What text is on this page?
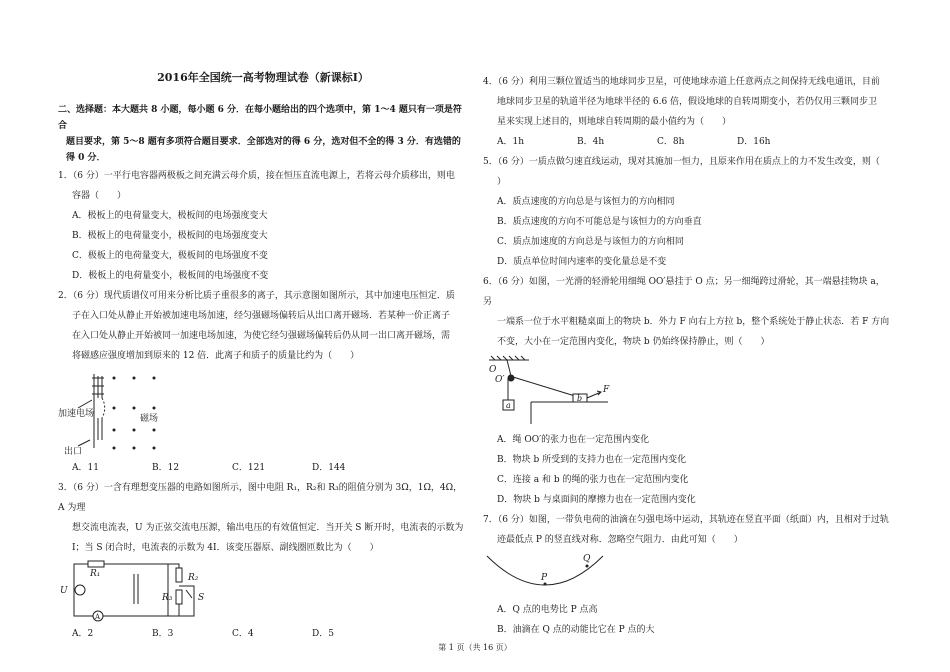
2016年全国统一高考物理试卷（新课标Ⅰ）
二、选择题：本大题共 8 小题，每小题 6 分．在每小题给出的四个选项中，第 1～4 题只有一项是符合
题目要求，第 5～8 题有多项符合题目要求．全部选对的得 6 分，选对但不全的得 3 分．有选错的
得 0 分．
1．（6 分）一平行电容器两极板之间充满云母介质，接在恒压直流电源上，若将云母介质移出，则电
容器（　　）
A．极板上的电荷量变大，极板间的电场强度变大
B．极板上的电荷量变小，极板间的电场强度变大
C．极板上的电荷量变大，极板间的电场强度不变
D．极板上的电荷量变小，极板间的电场强度不变
2．（6 分）现代质谱仪可用来分析比质子重很多的离子，其示意图如图所示，其中加速电压恒定．质
子在入口处从静止开始被加速电场加速，经匀强磁场偏转后从出口离开磁场．若某种一价正离子
在入口处从静止开始被同一加速电场加速，为使它经匀强磁场偏转后仍从同一出口离开磁场，需
将磁感应强度增加到原来的 12 倍．此离子和质子的质量比约为（　　）
加速电场
出口
磁场
A．11	B．12	C．121	D．144
3．（6 分）一含有理想变压器的电路如图所示，图中电阻 R₁，R₂和 R₃的阻值分别为 3Ω，1Ω，4Ω，A 为理
想交流电流表，U 为正弦交流电压源，输出电压的有效值恒定．当开关 S 断开时，电流表的示数为
I；当 S 闭合时，电流表的示数为 4I．该变压器原、副线圈匝数比为（　　）
R₁	R₂
R₃
U
A
S
A．2	B．3	C．4	D．5
4．（6 分）利用三颗位置适当的地球同步卫星，可使地球赤道上任意两点之间保持无线电通讯，目前
地球同步卫星的轨道半径为地球半径的 6.6 倍，假设地球的自转周期变小，若仍仅用三颗同步卫
星来实现上述目的，则地球自转周期的最小值约为（　　）
A．1h	B．4h	C．8h	D．16h
5．（6 分）一质点做匀速直线运动，现对其施加一恒力，且原来作用在质点上的力不发生改变，则（
）
A．质点速度的方向总是与该恒力的方向相同
B．质点速度的方向不可能总是与该恒力的方向垂直
C．质点加速度的方向总是与该恒力的方向相同
D．质点单位时间内速率的变化量总是不变
6．（6 分）如图，一光滑的轻滑轮用细绳 OO′悬挂于 O 点；另一细绳跨过滑轮，其一端悬挂物块 a，另
一端系一位于水平粗糙桌面上的物块 b．外力 F 向右上方拉 b，整个系统处于静止状态．若 F 方向
不变，大小在一定范围内变化，物块 b 仍始终保持静止，则（　　）
O
O′
a
b
F
A．绳 OO′的张力也在一定范围内变化
B．物块 b 所受到的支持力也在一定范围内变化
C．连接 a 和 b 的绳的张力也在一定范围内变化
D．物块 b 与桌面间的摩擦力也在一定范围内变化
7．（6 分）如图，一带负电荷的油滴在匀强电场中运动，其轨迹在竖直平面（纸面）内，且相对于过轨
迹最低点 P 的竖直线对称．忽略空气阻力．由此可知（　　）
P
Q
A．Q 点的电势比 P 点高
B．油滴在 Q 点的动能比它在 P 点的大
第 1 页（共 16 页）
